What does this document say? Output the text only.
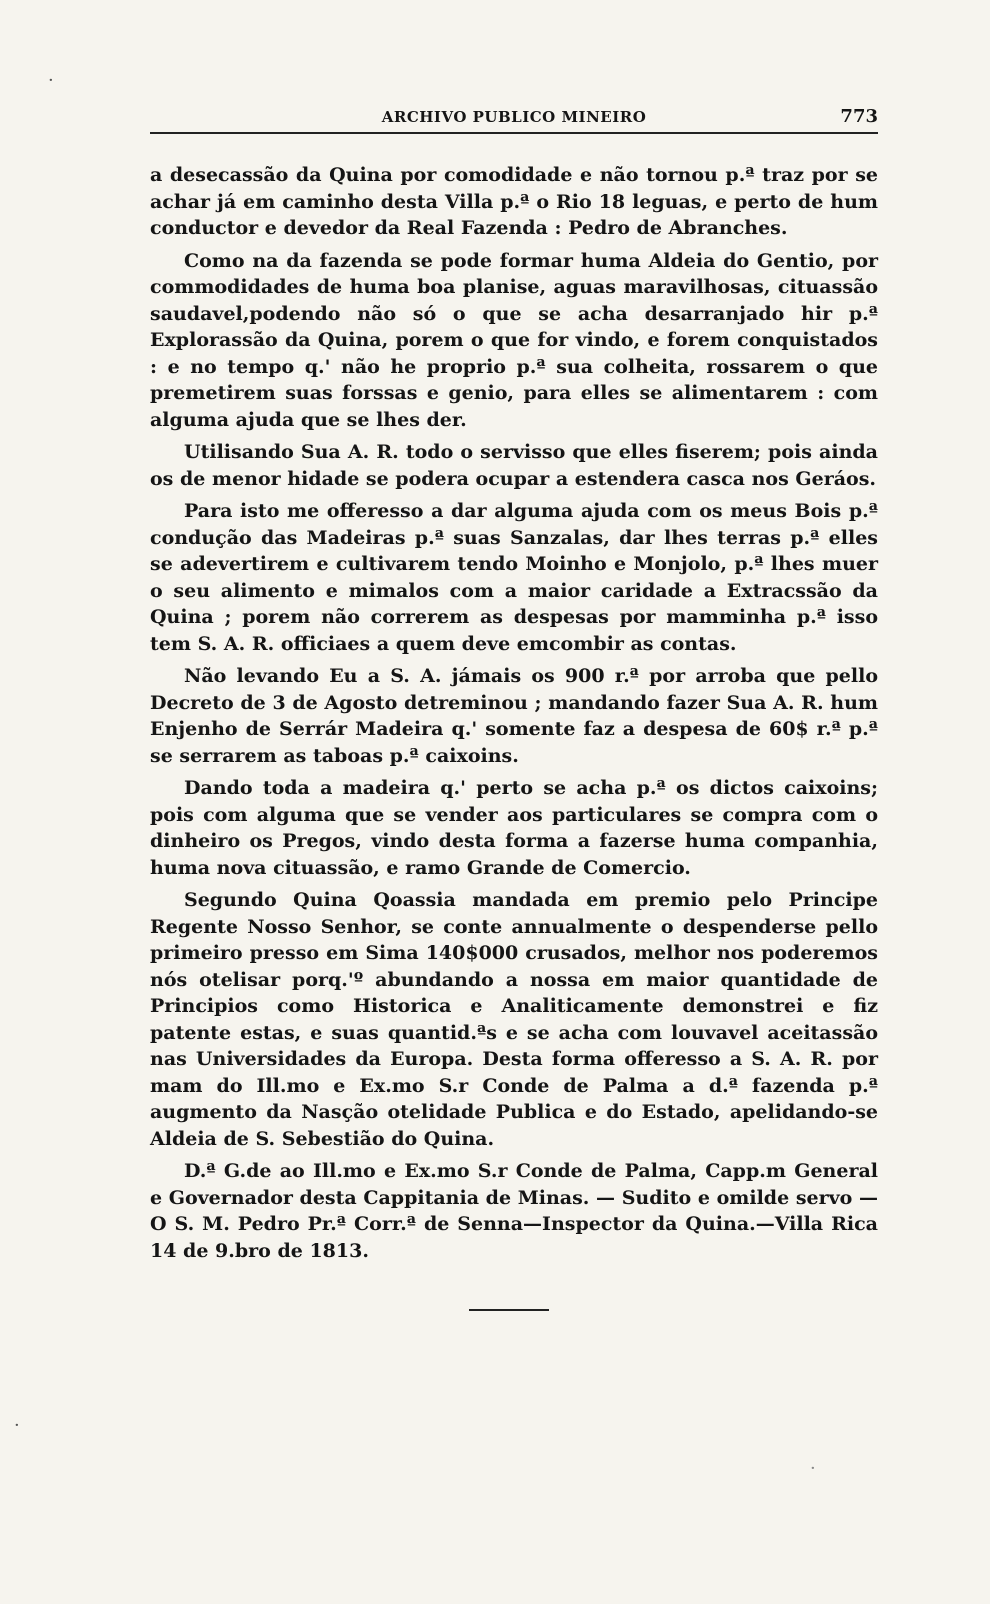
ARCHIVO PUBLICO MINEIRO	773

a desecassão da Quina por comodidade e não tornou p.ª traz por se achar já em caminho desta Villa p.ª o Rio 18 leguas, e perto de hum conductor e devedor da Real Fazenda : Pedro de Abranches.

Como na da fazenda se pode formar huma Aldeia do Gentio, por commodidades de huma boa planise, aguas maravilhosas, cituassão saudavel,podendo não só o que se acha desarranjado hir p.ª Explorassão da Quina, porem o que for vindo, e forem conquistados : e no tempo q.' não he proprio p.ª sua colheita, rossarem o que premetirem suas forssas e genio, para elles se alimentarem : com alguma ajuda que se lhes der.

Utilisando Sua A. R. todo o servisso que elles fiserem; pois ainda os de menor hidade se podera ocupar a estendera casca nos Geráos.

Para isto me offeresso a dar alguma ajuda com os meus Bois p.ª condução das Madeiras p.ª suas Sanzalas, dar lhes terras p.ª elles se adevertirem e cultivarem tendo Moinho e Monjolo, p.ª lhes muer o seu alimento e mimalos com a maior caridade a Extracssão da Quina ; porem não correrem as despesas por mamminha p.ª isso tem S. A. R. officiaes a quem deve emcombir as contas.

Não levando Eu a S. A. jámais os 900 r.ª por arroba que pello Decreto de 3 de Agosto detreminou ; mandando fazer Sua A. R. hum Enjenho de Serrár Madeira q.' somente faz a despesa de 60$ r.ª p.ª se serrarem as taboas p.ª caixoins.

Dando toda a madeira q.' perto se acha p.ª os dictos caixoins; pois com alguma que se vender aos particulares se compra com o dinheiro os Pregos, vindo desta forma a fazerse huma companhia, huma nova cituassão, e ramo Grande de Comercio.

Segundo Quina Qoassia mandada em premio pelo Principe Regente Nosso Senhor, se conte annualmente o despenderse pello primeiro presso em Sima 140$000 crusados, melhor nos poderemos nós otelisar porq.'º abundando a nossa em maior quantidade de Principios como Historica e Analiticamente demonstrei e fiz patente estas, e suas quantid.ªs e se acha com louvavel aceitassão nas Universidades da Europa. Desta forma offeresso a S. A. R. por mam do Ill.mo e Ex.mo S.r Conde de Palma a d.ª fazenda p.ª augmento da Nasção otelidade Publica e do Estado, apelidando-se Aldeia de S. Sebestião do Quina.

D.ª G.de ao Ill.mo e Ex.mo S.r Conde de Palma, Capp.m General e Governador desta Cappitania de Minas. — Sudito e omilde servo — O S. M. Pedro Pr.ª Corr.ª de Senna—Inspector da Quina.—Villa Rica 14 de 9.bro de 1813.

·
·
·
